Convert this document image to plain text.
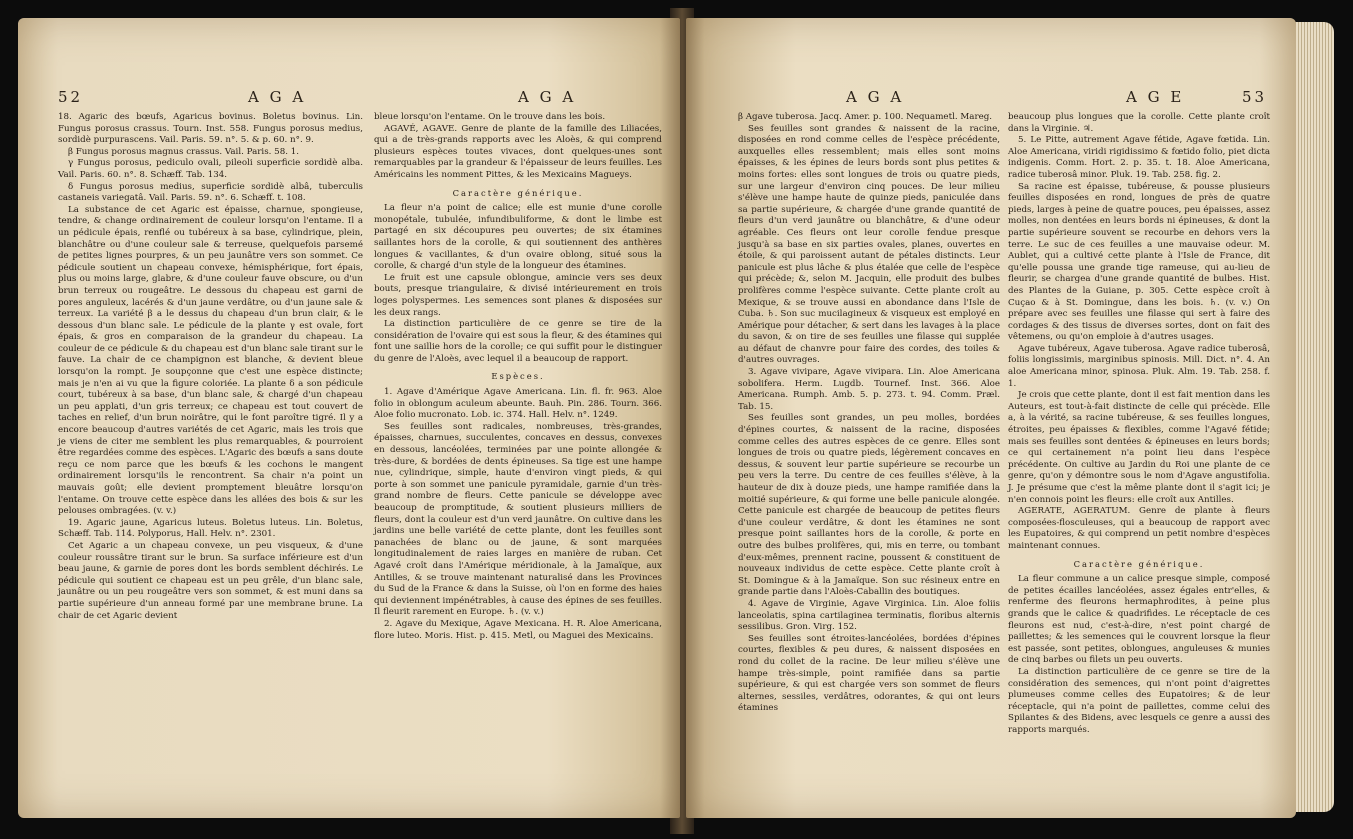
52	A G A	A G A

18. Agaric des bœufs, Agaricus bovinus. Boletus bovinus. Lin. Fungus porosus crassus. Tourn. Inst. 558. Fungus porosus medius, sordidè purpurascens. Vail. Paris. 59. n°. 5. & p. 60. n°. 9.

β Fungus porosus magnus crassus. Vail. Paris. 58. 1.

γ Fungus porosus, pediculo ovali, pileoli superficie sordidè alba. Vail. Paris. 60. n°. 8. Schæff. Tab. 134.

δ Fungus porosus medius, superficie sordidè albâ, tuberculis castaneis variegatâ. Vail. Paris. 59. n°. 6. Schæff. t. 108.

La substance de cet Agaric est épaisse, charnue, spongieuse, tendre, & change ordinairement de couleur lorsqu'on l'entame. Il a un pédicule épais, renflé ou tubéreux à sa base, cylindrique, plein, blanchâtre ou d'une couleur sale & terreuse, quelquefois parsemé de petites lignes pourpres, & un peu jaunâtre vers son sommet. Ce pédicule soutient un chapeau convexe, hémisphérique, fort épais, plus ou moins large, glabre, & d'une couleur fauve obscure, ou d'un brun terreux ou rougeâtre. Le dessous du chapeau est garni de pores anguleux, lacérés & d'un jaune verdâtre, ou d'un jaune sale & terreux. La variété β a le dessus du chapeau d'un brun clair, & le dessous d'un blanc sale. Le pédicule de la plante γ est ovale, fort épais, & gros en comparaison de la grandeur du chapeau. La couleur de ce pédicule & du chapeau est d'un blanc sale tirant sur le fauve. La chair de ce champignon est blanche, & devient bleue lorsqu'on la rompt. Je soupçonne que c'est une espèce distincte; mais je n'en ai vu que la figure coloriée. La plante δ a son pédicule court, tubéreux à sa base, d'un blanc sale, & chargé d'un chapeau un peu applati, d'un gris terreux; ce chapeau est tout couvert de taches en relief, d'un brun noirâtre, qui le font paroître tigré. Il y a encore beaucoup d'autres variétés de cet Agaric, mais les trois que je viens de citer me semblent les plus remarquables, & pourroient être regardées comme des espèces. L'Agaric des bœufs a sans doute reçu ce nom parce que les bœufs & les cochons le mangent ordinairement lorsqu'ils le rencontrent. Sa chair n'a point un mauvais goût; elle devient promptement bleuâtre lorsqu'on l'entame. On trouve cette espèce dans les allées des bois & sur les pelouses ombragées. (v. v.)

19. Agaric jaune, Agaricus luteus. Boletus luteus. Lin. Boletus, Schæff. Tab. 114. Polyporus, Hall. Helv. n°. 2301.

Cet Agaric a un chapeau convexe, un peu visqueux, & d'une couleur roussâtre tirant sur le brun. Sa surface inférieure est d'un beau jaune, & garnie de pores dont les bords semblent déchirés. Le pédicule qui soutient ce chapeau est un peu grêle, d'un blanc sale, jaunâtre ou un peu rougeâtre vers son sommet, & est muni dans sa partie supérieure d'un anneau formé par une membrane brune. La chair de cet Agaric devient

bleue lorsqu'on l'entame. On le trouve dans les bois.

AGAVÉ, AGAVE. Genre de plante de la famille des Liliacées, qui a de très-grands rapports avec les Aloès, & qui comprend plusieurs espèces toutes vivaces, dont quelques-unes sont remarquables par la grandeur & l'épaisseur de leurs feuilles. Les Américains les nomment Pittes, & les Mexicains Magueys.

Caractère générique.

La fleur n'a point de calice; elle est munie d'une corolle monopétale, tubulée, infundibuliforme, & dont le limbe est partagé en six découpures peu ouvertes; de six étamines saillantes hors de la corolle, & qui soutiennent des anthères longues & vacillantes, & d'un ovaire oblong, situé sous la corolle, & chargé d'un style de la longueur des étamines.

Le fruit est une capsule oblongue, amincie vers ses deux bouts, presque triangulaire, & divisé intérieurement en trois loges polyspermes. Les semences sont planes & disposées sur les deux rangs.

La distinction particulière de ce genre se tire de la considération de l'ovaire qui est sous la fleur, & des étamines qui font une saillie hors de la corolle; ce qui suffit pour le distinguer du genre de l'Aloès, avec lequel il a beaucoup de rapport.

Espèces.

1. Agave d'Amérique Agave Americana. Lin. fl. fr. 963. Aloe folio in oblongum aculeum abeunte. Bauh. Pin. 286. Tourn. 366. Aloe folio mucronato. Lob. ic. 374. Hall. Helv. n°. 1249.

Ses feuilles sont radicales, nombreuses, très-grandes, épaisses, charnues, succulentes, concaves en dessus, convexes en dessous, lancéolées, terminées par une pointe allongée & très-dure, & bordées de dents épineuses. Sa tige est une hampe nue, cylindrique, simple, haute d'environ vingt pieds, & qui porte à son sommet une panicule pyramidale, garnie d'un très-grand nombre de fleurs. Cette panicule se développe avec beaucoup de promptitude, & soutient plusieurs milliers de fleurs, dont la couleur est d'un verd jaunâtre. On cultive dans les jardins une belle variété de cette plante, dont les feuilles sont panachées de blanc ou de jaune, & sont marquées longitudinalement de raies larges en manière de ruban. Cet Agavé croît dans l'Amérique méridionale, à la Jamaïque, aux Antilles, & se trouve maintenant naturalisé dans les Provinces du Sud de la France & dans la Suisse, où l'on en forme des haies qui deviennent impénétrables, à cause des épines de ses feuilles. Il fleurit rarement en Europe. ♄. (v. v.)

2. Agave du Mexique, Agave Mexicana. H. R. Aloe Americana, flore luteo. Moris. Hist. p. 415. Metl, ou Maguei des Mexicains.

A G A	A G E	53

β Agave tuberosa. Jacq. Amer. p. 100. Nequametl. Mareg.

Ses feuilles sont grandes & naissent de la racine, disposées en rond comme celles de l'espèce précédente, auxquelles elles ressemblent; mais elles sont moins épaisses, & les épines de leurs bords sont plus petites & moins fortes: elles sont longues de trois ou quatre pieds, sur une largeur d'environ cinq pouces. De leur milieu s'élève une hampe haute de quinze pieds, paniculée dans sa partie supérieure, & chargée d'une grande quantité de fleurs d'un verd jaunâtre ou blanchâtre, & d'une odeur agréable. Ces fleurs ont leur corolle fendue presque jusqu'à sa base en six parties ovales, planes, ouvertes en étoile, & qui paroissent autant de pétales distincts. Leur panicule est plus lâche & plus étalée que celle de l'espèce qui précède; &, selon M. Jacquin, elle produit des bulbes prolifères comme l'espèce suivante. Cette plante croît au Mexique, & se trouve aussi en abondance dans l'Isle de Cuba. ♄. Son suc mucilagineux & visqueux est employé en Amérique pour détacher, & sert dans les lavages à la place du savon, & on tire de ses feuilles une filasse qui supplée au défaut de chanvre pour faire des cordes, des toiles & d'autres ouvrages.

3. Agave vivipare, Agave vivipara. Lin. Aloe Americana sobolifera. Herm. Lugdb. Tournef. Inst. 366. Aloe Americana. Rumph. Amb. 5. p. 273. t. 94. Comm. Præl. Tab. 15.

Ses feuilles sont grandes, un peu molles, bordées d'épines courtes, & naissent de la racine, disposées comme celles des autres espèces de ce genre. Elles sont longues de trois ou quatre pieds, légèrement concaves en dessus, & souvent leur partie supérieure se recourbe un peu vers la terre. Du centre de ces feuilles s'élève, à la hauteur de dix à douze pieds, une hampe ramifiée dans la moitié supérieure, & qui forme une belle panicule alongée. Cette panicule est chargée de beaucoup de petites fleurs d'une couleur verdâtre, & dont les étamines ne sont presque point saillantes hors de la corolle, & porte en outre des bulbes prolifères, qui, mis en terre, ou tombant d'eux-mêmes, prennent racine, poussent & constituent de nouveaux individus de cette espèce. Cette plante croît à St. Domingue & à la Jamaïque. Son suc résineux entre en grande partie dans l'Aloès-Caballin des boutiques.

4. Agave de Virginie, Agave Virginica. Lin. Aloe foliis lanceolatis, spina cartilaginea terminatis, floribus alternis sessilibus. Gron. Virg. 152.

Ses feuilles sont étroites-lancéolées, bordées d'épines courtes, flexibles & peu dures, & naissent disposées en rond du collet de la racine. De leur milieu s'élève une hampe très-simple, point ramifiée dans sa partie supérieure, & qui est chargée vers son sommet de fleurs alternes, sessiles, verdâtres, odorantes, & qui ont leurs étamines

beaucoup plus longues que la corolle. Cette plante croît dans la Virginie. ♃.

5. Le Pitte, autrement Agave fétide, Agave fœtida. Lin. Aloe Americana, viridi rigidissimo & fœtido folio, piet dicta indigenis. Comm. Hort. 2. p. 35. t. 18. Aloe Americana, radice tuberosâ minor. Pluk. 19. Tab. 258. fig. 2.

Sa racine est épaisse, tubéreuse, & pousse plusieurs feuilles disposées en rond, longues de près de quatre pieds, larges à peine de quatre pouces, peu épaisses, assez molles, non dentées en leurs bords ni épineuses, & dont la partie supérieure souvent se recourbe en dehors vers la terre. Le suc de ces feuilles a une mauvaise odeur. M. Aublet, qui a cultivé cette plante à l'Isle de France, dit qu'elle poussa une grande tige rameuse, qui au-lieu de fleurir, se chargea d'une grande quantité de bulbes. Hist. des Plantes de la Guiane, p. 305. Cette espèce croît à Cuçao & à St. Domingue, dans les bois. ♄. (v. v.) On prépare avec ses feuilles une filasse qui sert à faire des cordages & des tissus de diverses sortes, dont on fait des vêtemens, ou qu'on emploie à d'autres usages.

Agave tubéreux, Agave tuberosa. Agave radice tuberosâ, foliis longissimis, marginibus spinosis. Mill. Dict. n°. 4. An aloe Americana minor, spinosa. Pluk. Alm. 19. Tab. 258. f. 1.

Je crois que cette plante, dont il est fait mention dans les Auteurs, est tout-à-fait distincte de celle qui précède. Elle a, à la vérité, sa racine tubéreuse, & ses feuilles longues, étroites, peu épaisses & flexibles, comme l'Agavé fétide; mais ses feuilles sont dentées & épineuses en leurs bords; ce qui certainement n'a point lieu dans l'espèce précédente. On cultive au Jardin du Roi une plante de ce genre, qu'on y démontre sous le nom d'Agave angustifolia. J. Je présume que c'est la même plante dont il s'agit ici; je n'en connois point les fleurs: elle croît aux Antilles.

AGERATE, AGERATUM. Genre de plante à fleurs composées-flosculeuses, qui a beaucoup de rapport avec les Eupatoires, & qui comprend un petit nombre d'espèces maintenant connues.

Caractère générique.

La fleur commune a un calice presque simple, composé de petites écailles lancéolées, assez égales entr'elles, & renferme des fleurons hermaphrodites, à peine plus grands que le calice & quadrifides. Le réceptacle de ces fleurons est nud, c'est-à-dire, n'est point chargé de paillettes; & les semences qui le couvrent lorsque la fleur est passée, sont petites, oblongues, anguleuses & munies de cinq barbes ou filets un peu ouverts.

La distinction particulière de ce genre se tire de la considération des semences, qui n'ont point d'aigrettes plumeuses comme celles des Eupatoires; & de leur réceptacle, qui n'a point de paillettes, comme celui des Spilantes & des Bidens, avec lesquels ce genre a aussi des rapports marqués.
